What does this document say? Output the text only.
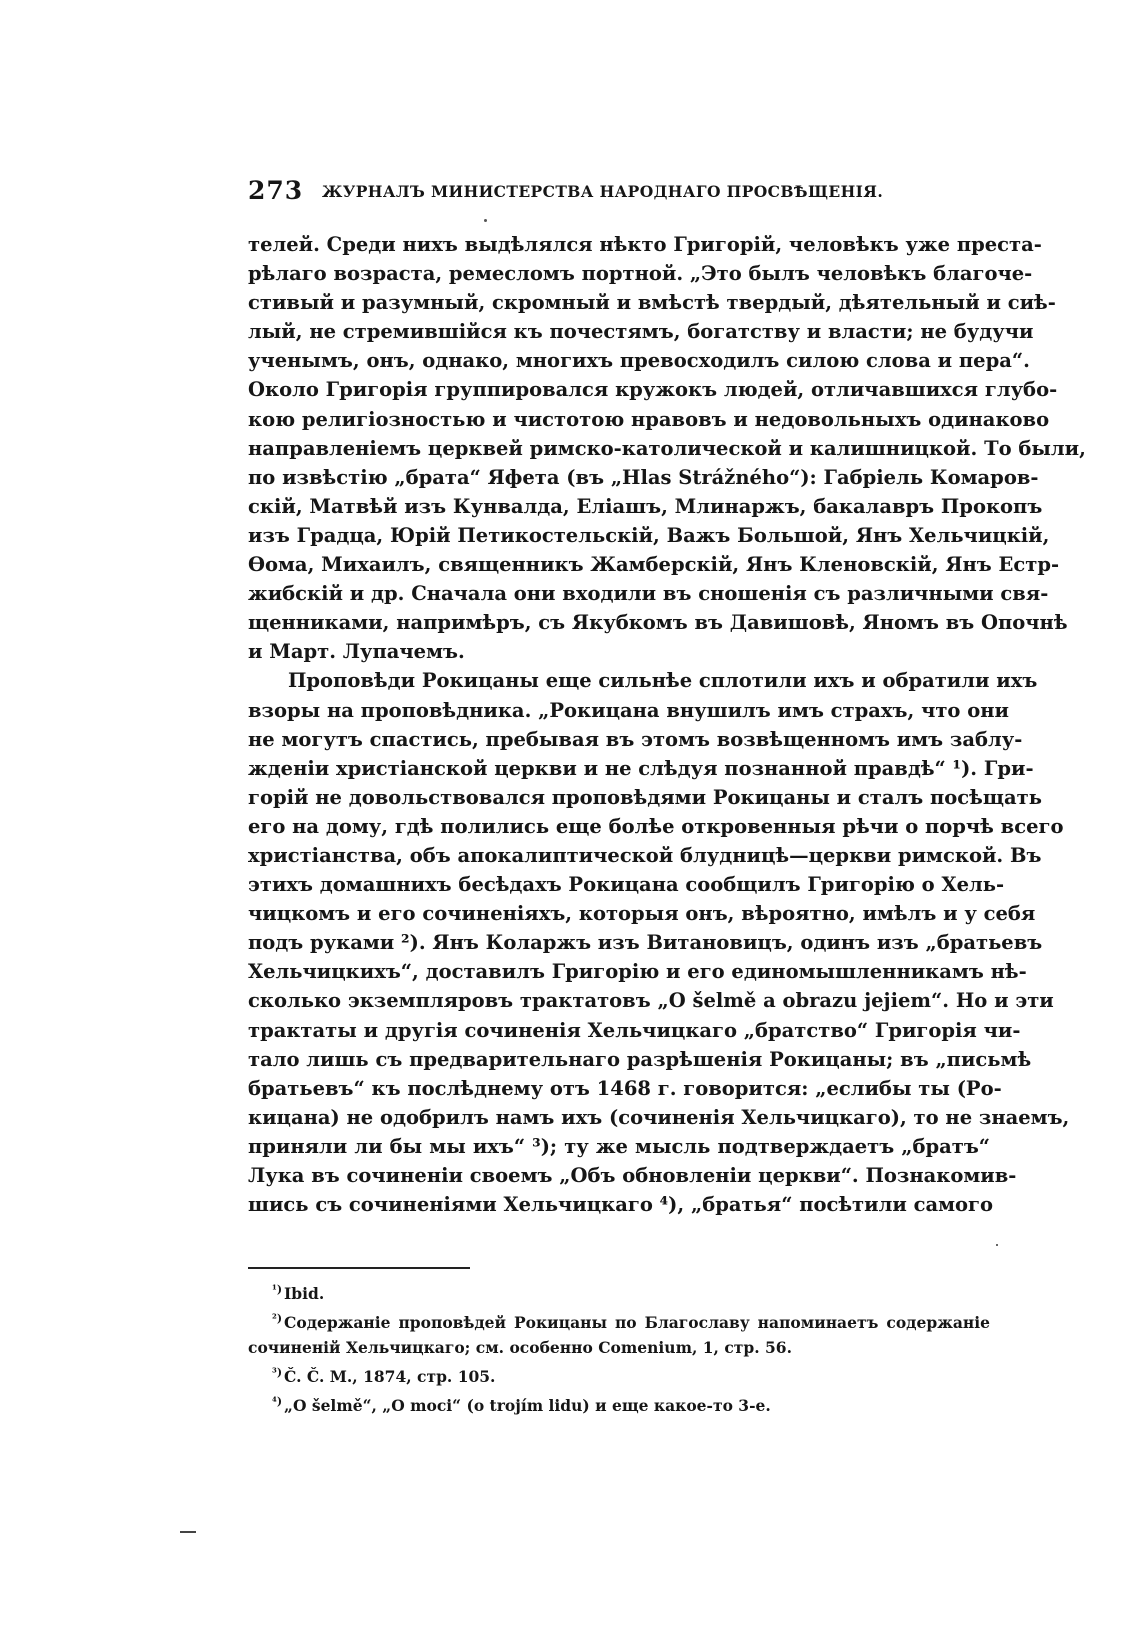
273 ЖУРНАЛЪ МИНИСТЕРСТВА НАРОДНАГО ПРОСВѢЩЕНІЯ.
телей. Среди нихъ выдѣлялся нѣкто Григорій, человѣкъ уже преста-
рѣлаго возраста, ремесломъ портной. „Это былъ человѣкъ благоче-
стивый и разумный, скромный и вмѣстѣ твердый, дѣятельный и сиѣ-
лый, не стремившійся къ почестямъ, богатству и власти; не будучи
ученымъ, онъ, однако, многихъ превосходилъ силою слова и пера“.
Около Григорія группировался кружокъ людей, отличавшихся глубо-
кою религіозностью и чистотою нравовъ и недовольныхъ одинаково
направленіемъ церквей римско-католической и калишницкой. То были,
по извѣстію „брата“ Яфета (въ „Hlas Strážného“): Габріель Комаров-
скій, Матвѣй изъ Кунвалда, Еліашъ, Млинаржъ, бакалавръ Прокопъ
изъ Градца, Юрій Петикостельскій, Важъ Большой, Янъ Хельчицкій,
Ѳома, Михаилъ, священникъ Жамберскій, Янъ Кленовскій, Янъ Естр-
жибскій и др. Сначала они входили въ сношенія съ различными свя-
щенниками, напримѣръ, съ Якубкомъ въ Давишовѣ, Яномъ въ Опочнѣ
и Март. Лупачемъ.
Проповѣди Рокицаны еще сильнѣе сплотили ихъ и обратили ихъ
взоры на проповѣдника. „Рокицана внушилъ имъ страхъ, что они
не могутъ спастись, пребывая въ этомъ возвѣщенномъ имъ заблу-
жденіи христіанской церкви и не слѣдуя познанной правдѣ“ ¹). Гри-
горій не довольствовался проповѣдями Рокицаны и сталъ посѣщать
его на дому, гдѣ полились еще болѣе откровенныя рѣчи о порчѣ всего
христіанства, объ апокалиптической блудницѣ—церкви римской. Въ
этихъ домашнихъ бесѣдахъ Рокицана сообщилъ Григорію о Хель-
чицкомъ и его сочиненіяхъ, которыя онъ, вѣроятно, имѣлъ и у себя
подъ руками ²). Янъ Коларжъ изъ Витановицъ, одинъ изъ „братьевъ
Хельчицкихъ“, доставилъ Григорію и его единомышленникамъ нѣ-
сколько экземпляровъ трактатовъ „O šelmě a obrazu jejiem“. Но и эти
трактаты и другія сочиненія Хельчицкаго „братство“ Григорія чи-
тало лишь съ предварительнаго разрѣшенія Рокицаны; въ „письмѣ
братьевъ“ къ послѣднему отъ 1468 г. говорится: „еслибы ты (Ро-
кицана) не одобрилъ намъ ихъ (сочиненія Хельчицкаго), то не знаемъ,
приняли ли бы мы ихъ“ ³); ту же мысль подтверждаетъ „братъ“
Лука въ сочиненіи своемъ „Объ обновленіи церкви“. Познакомив-
шись съ сочиненіями Хельчицкаго ⁴), „братья“ посѣтили самого
$^{^1)}$ Ibid.
$^{^2)}$ Содержаніе проповѣдей Рокицаны по Благославу напоминаетъ содержаніе
сочиненій Хельчицкаго; см. особенно Comenium, 1, стр. 56.
$^{^3)}$ Č. Č. M., 1874, стр. 105.
$^{^4)}$ „O šelmě“, „O moci“ (o trojím lidu) и еще какое-то 3-е.
